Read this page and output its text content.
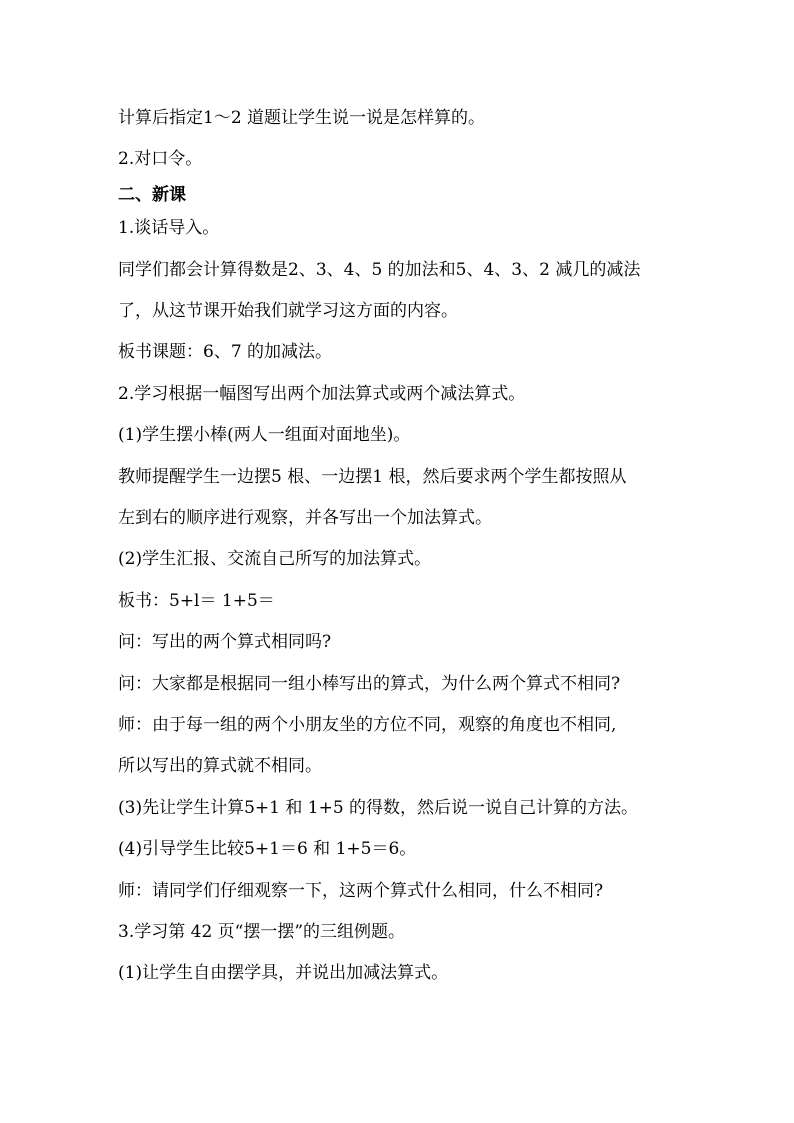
计算后指定1～2 道题让学生说一说是怎样算的。
2.对口令。
二、新课
1.谈话导入。
同学们都会计算得数是2、3、4、5 的加法和5、4、3、2 减几的减法
了，从这节课开始我们就学习这方面的内容。
板书课题：6、7 的加减法。
2.学习根据一幅图写出两个加法算式或两个减法算式。
(1)学生摆小棒(两人一组面对面地坐)。
教师提醒学生一边摆5 根、一边摆1 根，然后要求两个学生都按照从
左到右的顺序进行观察，并各写出一个加法算式。
(2)学生汇报、交流自己所写的加法算式。
板书：5+l＝ 1+5＝
问：写出的两个算式相同吗?
问：大家都是根据同一组小棒写出的算式，为什么两个算式不相同?
师：由于每一组的两个小朋友坐的方位不同，观察的角度也不相同,
所以写出的算式就不相同。
(3)先让学生计算5+1 和 1+5 的得数，然后说一说自己计算的方法。
(4)引导学生比较5+1＝6 和 1+5＝6。
师：请同学们仔细观察一下，这两个算式什么相同，什么不相同?
3.学习第 42 页“摆一摆”的三组例题。
(1)让学生自由摆学具，并说出加减法算式。
